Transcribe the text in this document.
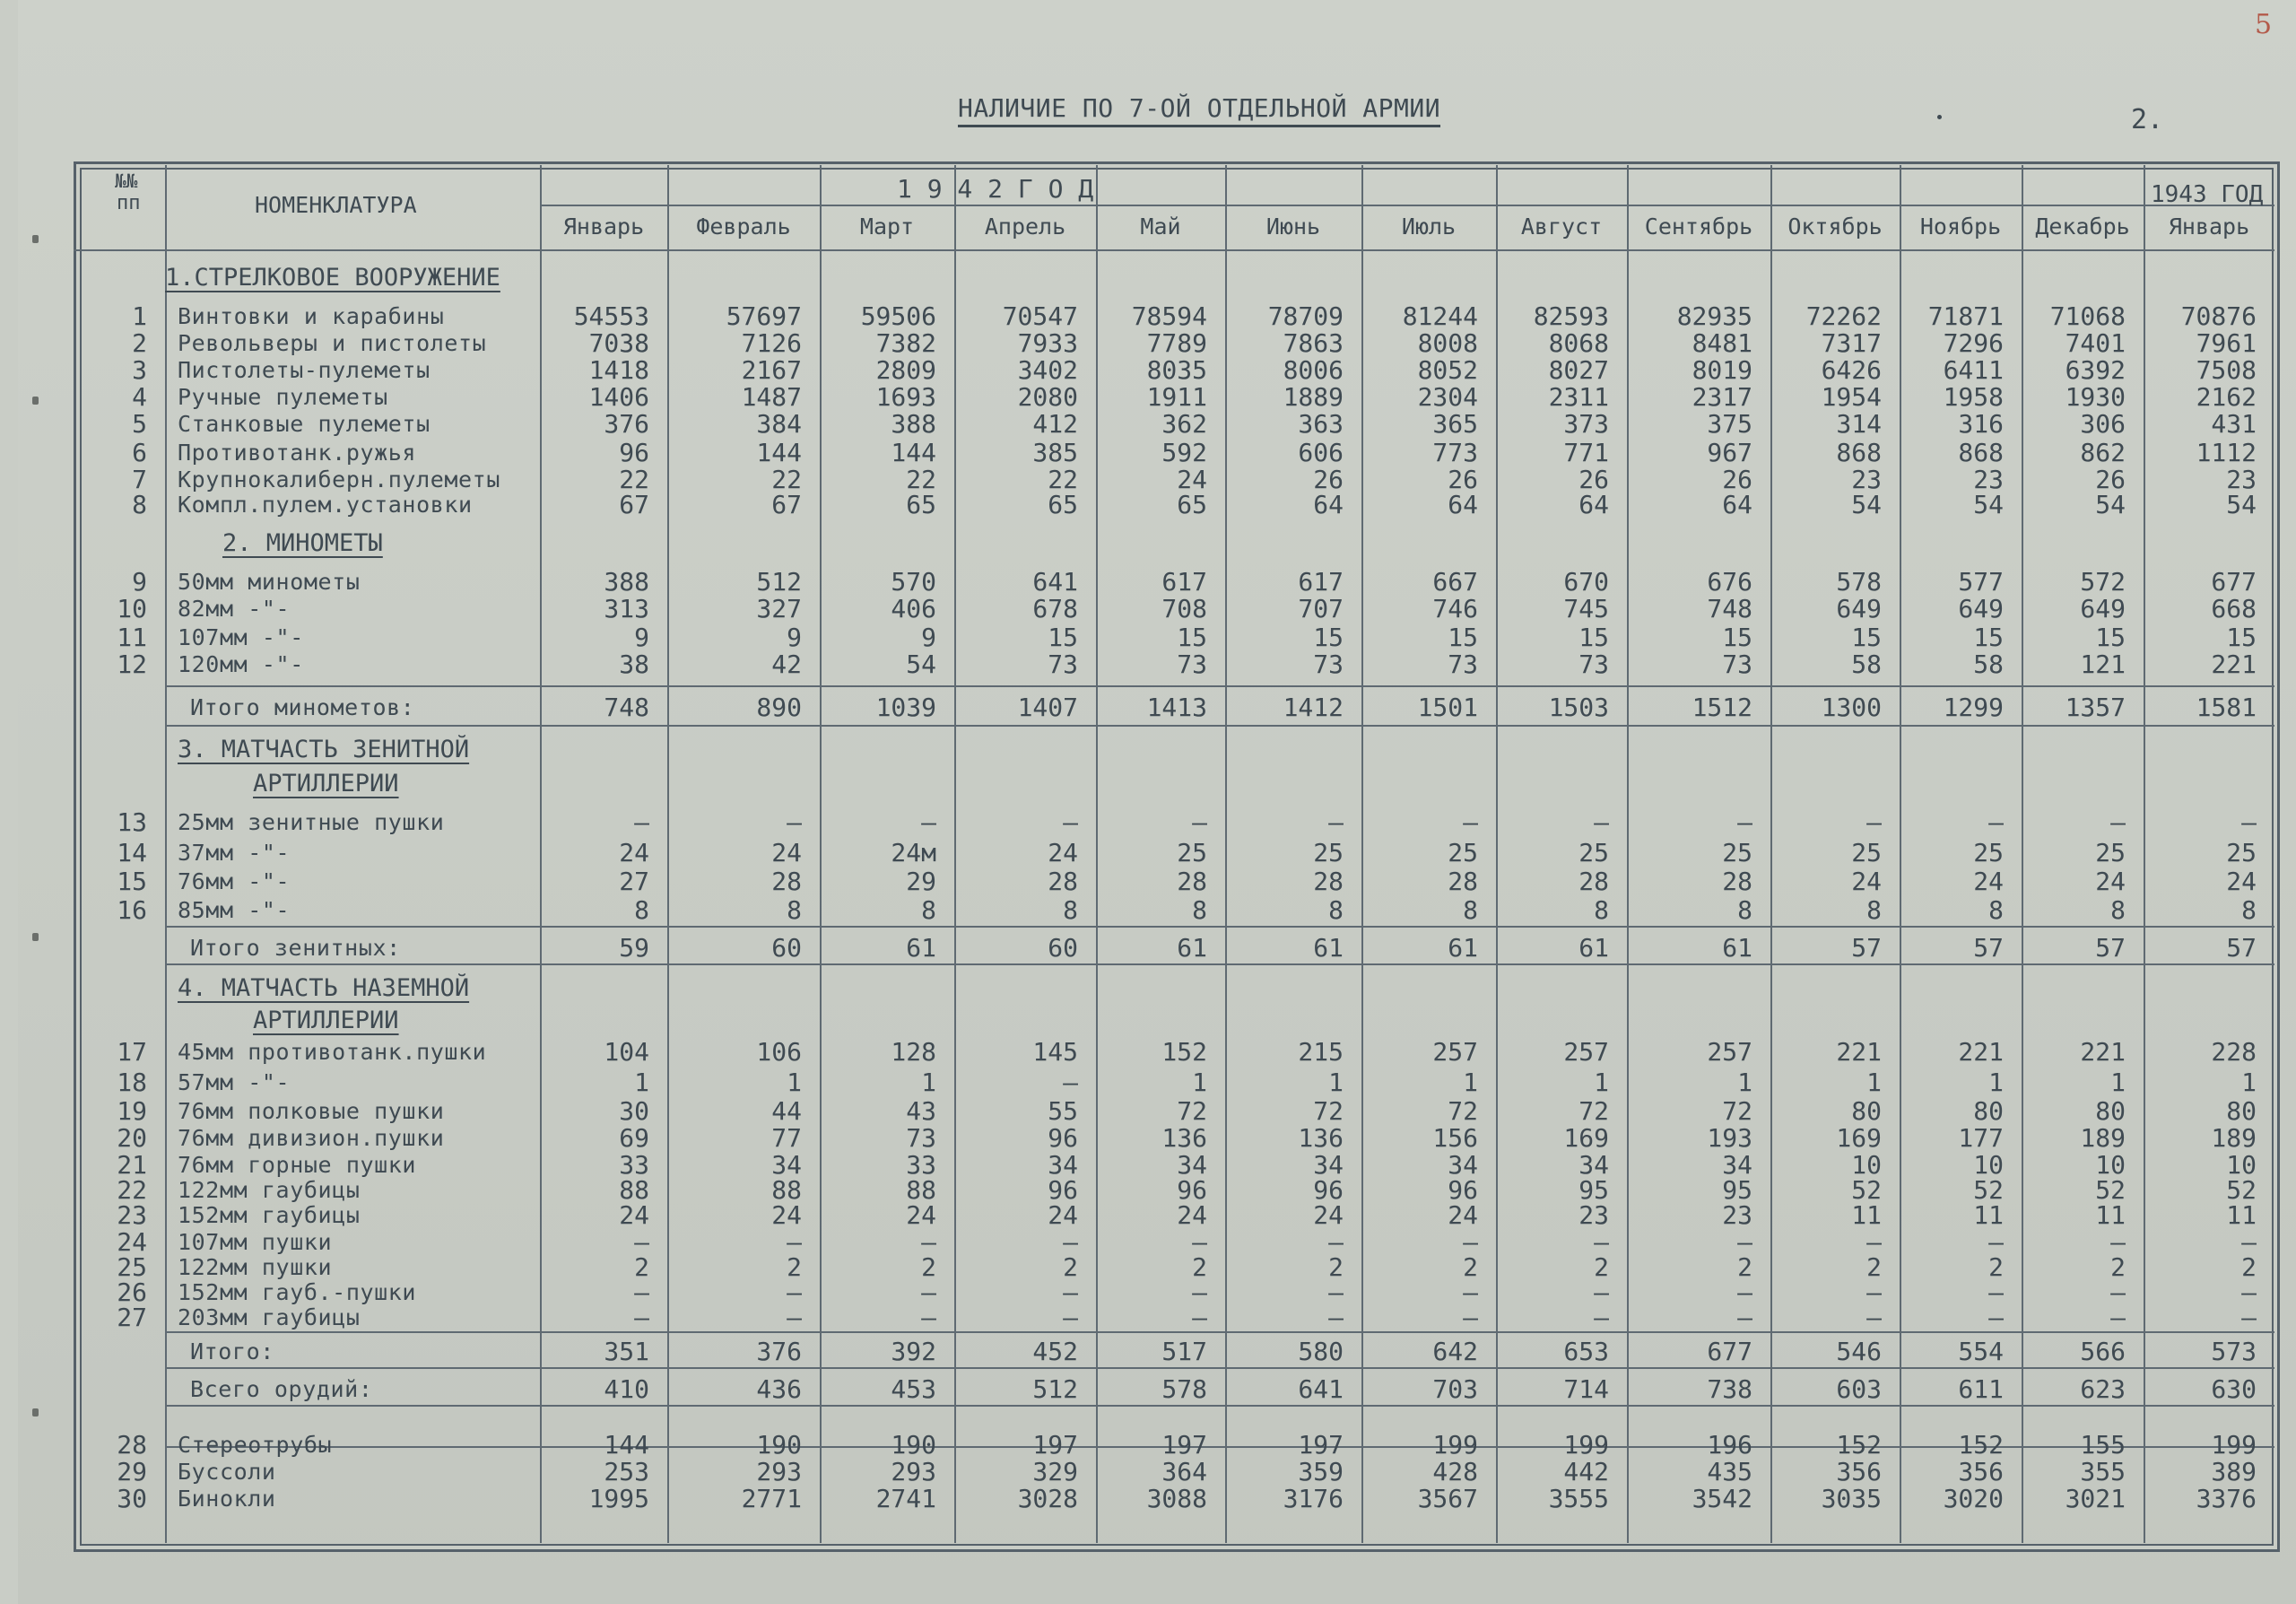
5
НАЛИЧИЕ ПО 7-ОЙ ОТДЕЛЬНОЙ АРМИИ	2.
№№
пп	НОМЕНКЛАТУРА
1 9 4 2 Г О Д	1943 ГОД
Январь	Февраль	Март	Апрель	Май	Июнь	Июль	Август	Сентябрь	Октябрь	Ноябрь	Декабрь	Январь
1.СТРЕЛКОВОЕ ВООРУЖЕНИЕ
2. МИНОМЕТЫ
3. МАТЧАСТЬ ЗЕНИТНОЙ
АРТИЛЛЕРИИ
4. МАТЧАСТЬ НАЗЕМНОЙ
АРТИЛЛЕРИИ
1 Винтовки и карабины	54553	57697	59506	70547	78594	78709	81244	82593	82935	72262	71871	71068	70876
2 Револьверы и пистолеты	7038	7126	7382	7933	7789	7863	8008	8068	8481	7317	7296	7401	7961
3 Пистолеты-пулеметы	1418	2167	2809	3402	8035	8006	8052	8027	8019	6426	6411	6392	7508
4 Ручные пулеметы	1406	1487	1693	2080	1911	1889	2304	2311	2317	1954	1958	1930	2162
5 Станковые пулеметы	376	384	388	412	362	363	365	373	375	314	316	306	431
6 Противотанк.ружья	96	144	144	385	592	606	773	771	967	868	868	862	1112
7 Крупнокалиберн.пулеметы	22	22	22	22	24	26	26	26	26	23	23	26	23
8 Компл.пулем.установки	67	67	65	65	65	64	64	64	64	54	54	54	54
9 50мм минометы	388	512	570	641	617	617	667	670	676	578	577	572	677
10 82мм -"-	313	327	406	678	708	707	746	745	748	649	649	649	668
11 107мм -"-	9	9	9	15	15	15	15	15	15	15	15	15	15
12 120мм -"-	38	42	54	73	73	73	73	73	73	58	58	121	221
Итого минометов:	748	890	1039	1407	1413	1412	1501	1503	1512	1300	1299	1357	1581
13 25мм зенитные пушки	–	–	–	–	–	–	–	–	–	–	–	–	–
14 37мм -"-	24	24	24м	24	25	25	25	25	25	25	25	25	25
15 76мм -"-	27	28	29	28	28	28	28	28	28	24	24	24	24
16 85мм -"-	8	8	8	8	8	8	8	8	8	8	8	8	8
Итого зенитных:	59	60	61	60	61	61	61	61	61	57	57	57	57
17 45мм противотанк.пушки	104	106	128	145	152	215	257	257	257	221	221	221	228
18 57мм -"-	1	1	1	–	1	1	1	1	1	1	1	1	1
19 76мм полковые пушки	30	44	43	55	72	72	72	72	72	80	80	80	80
20 76мм дивизион.пушки	69	77	73	96	136	136	156	169	193	169	177	189	189
21 76мм горные пушки	33	34	33	34	34	34	34	34	34	10	10	10	10
22 122мм гаубицы	88	88	88	96	96	96	96	95	95	52	52	52	52
23 152мм гаубицы	24	24	24	24	24	24	24	23	23	11	11	11	11
24 107мм пушки	–	–	–	–	–	–	–	–	–	–	–	–	–
25 122мм пушки	2	2	2	2	2	2	2	2	2	2	2	2	2
26 152мм гауб.-пушки	–	–	–	–	–	–	–	–	–	–	–	–	–
27 203мм гаубицы	–	–	–	–	–	–	–	–	–	–	–	–	–
Итого:	351	376	392	452	517	580	642	653	677	546	554	566	573
Всего орудий:	410	436	453	512	578	641	703	714	738	603	611	623	630
28 Стереотрубы	144	190	190	197	197	197	199	199	196	152	152	155	199
29 Буссоли	253	293	293	329	364	359	428	442	435	356	356	355	389
30 Бинокли	1995	2771	2741	3028	3088	3176	3567	3555	3542	3035	3020	3021	3376
